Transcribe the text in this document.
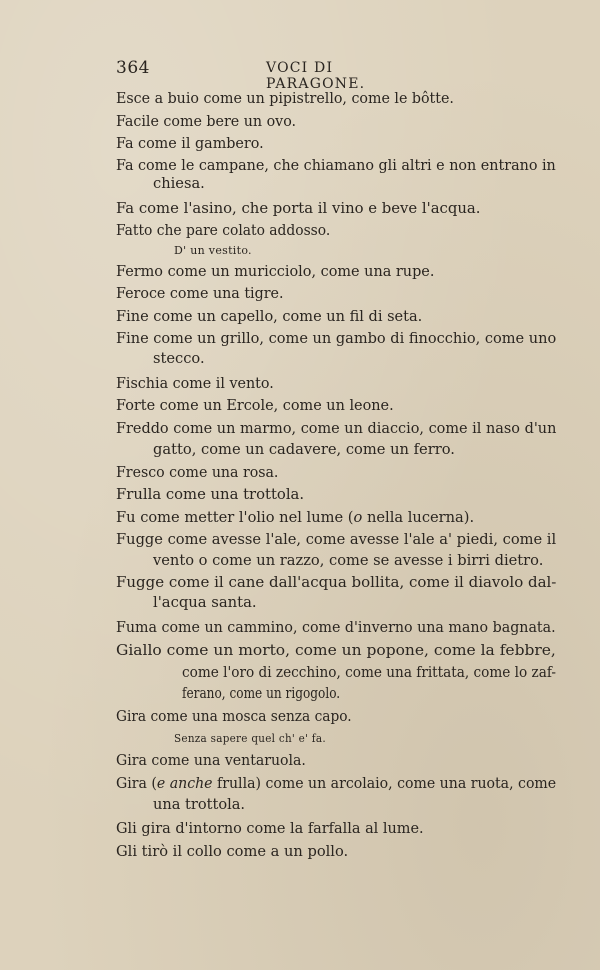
364	VOCI DI PARAGONE.
Esce a buio come un pipistrello, come le bôtte.
Facile come bere un ovo.
Fa come il gambero.
Fa come le campane, che chiamano gli altri e non entrano in
chiesa.
Fa come l'asino, che porta il vino e beve l'acqua.
Fatto che pare colato addosso.
D' un vestito.
Fermo come un muricciolo, come una rupe.
Feroce come una tigre.
Fine come un capello, come un fil di seta.
Fine come un grillo, come un gambo di finocchio, come uno
stecco.
Fischia come il vento.
Forte come un Ercole, come un leone.
Freddo come un marmo, come un diaccio, come il naso d'un
gatto, come un cadavere, come un ferro.
Fresco come una rosa.
Frulla come una trottola.
Fu come metter l'olio nel lume (o nella lucerna).
Fugge come avesse l'ale, come avesse l'ale a' piedi, come il
vento o come un razzo, come se avesse i birri dietro.
Fugge come il cane dall'acqua bollita, come il diavolo dal-
l'acqua santa.
Fuma come un cammino, come d'inverno una mano bagnata.
Giallo come un morto, come un popone, come la febbre,
come l'oro di zecchino, come una frittata, come lo zaf-
ferano, come un rigogolo.
Gira come una mosca senza capo.
Senza sapere quel ch' e' fa.
Gira come una ventaruola.
Gira (e anche frulla) come un arcolaio, come una ruota, come
una trottola.
Gli gira d'intorno come la farfalla al lume.
Gli tirò il collo come a un pollo.
